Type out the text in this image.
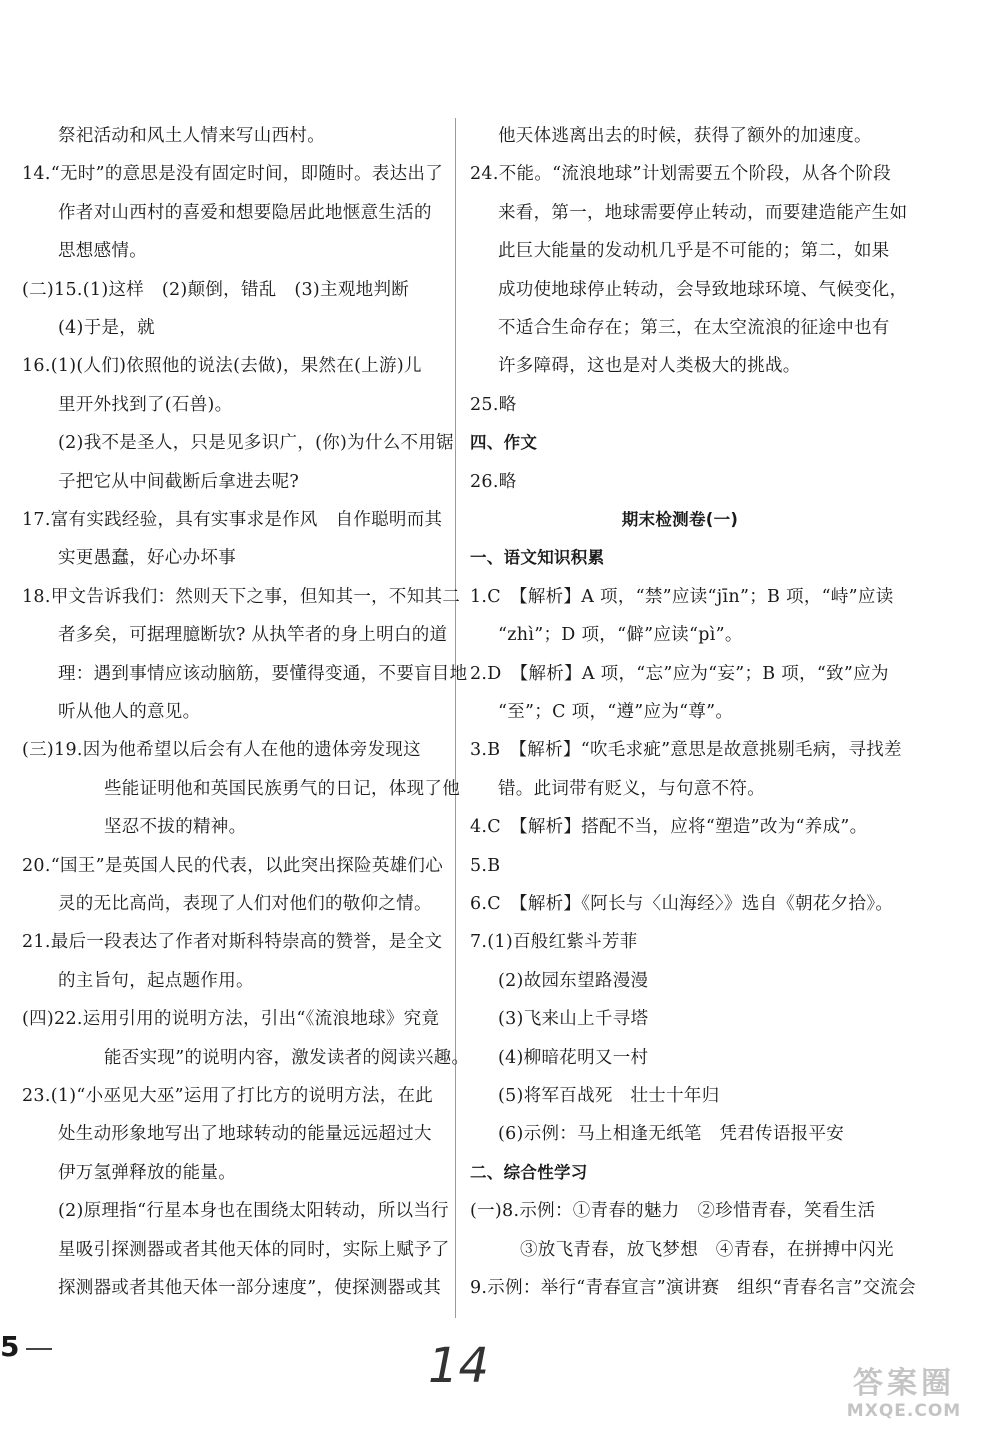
祭祀活动和风土人情来写山西村。
14.“无时”的意思是没有固定时间，即随时。表达出了
作者对山西村的喜爱和想要隐居此地惬意生活的
思想感情。
(二)15.(1)这样　(2)颠倒，错乱　(3)主观地判断
(4)于是，就
16.(1)(人们)依照他的说法(去做)，果然在(上游)儿
里开外找到了(石兽)。
(2)我不是圣人，只是见多识广，(你)为什么不用锯
子把它从中间截断后拿进去呢?
17.富有实践经验，具有实事求是作风　自作聪明而其
实更愚蠢，好心办坏事
18.甲文告诉我们：然则天下之事，但知其一，不知其二
者多矣，可据理臆断欤? 从执竿者的身上明白的道
理：遇到事情应该动脑筋，要懂得变通，不要盲目地
听从他人的意见。
(三)19.因为他希望以后会有人在他的遗体旁发现这
些能证明他和英国民族勇气的日记，体现了他
坚忍不拔的精神。
20.“国王”是英国人民的代表，以此突出探险英雄们心
灵的无比高尚，表现了人们对他们的敬仰之情。
21.最后一段表达了作者对斯科特崇高的赞誉，是全文
的主旨句，起点题作用。
(四)22.运用引用的说明方法，引出“《流浪地球》究竟
能否实现”的说明内容，激发读者的阅读兴趣。
23.(1)“小巫见大巫”运用了打比方的说明方法，在此
处生动形象地写出了地球转动的能量远远超过大
伊万氢弹释放的能量。
(2)原理指“行星本身也在围绕太阳转动，所以当行
星吸引探测器或者其他天体的同时，实际上赋予了
探测器或者其他天体一部分速度”，使探测器或其
他天体逃离出去的时候，获得了额外的加速度。
24.不能。“流浪地球”计划需要五个阶段，从各个阶段
来看，第一，地球需要停止转动，而要建造能产生如
此巨大能量的发动机几乎是不可能的；第二，如果
成功使地球停止转动，会导致地球环境、气候变化，
不适合生命存在；第三，在太空流浪的征途中也有
许多障碍，这也是对人类极大的挑战。
25.略
四、作文
26.略
期末检测卷(一)
一、语文知识积累
1.C　【解析】A 项，“禁”应读“jīn”；B 项，“峙”应读
“zhì”；D 项，“僻”应读“pì”。
2.D　【解析】A 项，“忘”应为“妄”；B 项，“致”应为
“至”；C 项，“遵”应为“尊”。
3.B　【解析】“吹毛求疵”意思是故意挑剔毛病，寻找差
错。此词带有贬义，与句意不符。
4.C　【解析】搭配不当，应将“塑造”改为“养成”。
5.B
6.C　【解析】《阿长与〈山海经〉》选自《朝花夕拾》。
7.(1)百般红紫斗芳菲
(2)故园东望路漫漫
(3)飞来山上千寻塔
(4)柳暗花明又一村
(5)将军百战死　壮士十年归
(6)示例：马上相逢无纸笔　凭君传语报平安
二、综合性学习
(一)8.示例：①青春的魅力　②珍惜青春，笑看生活
③放飞青春，放飞梦想　④青春，在拼搏中闪光
9.示例：举行“青春宣言”演讲赛　组织“青春名言”交流会
5	14	答案圈
MXQE.COM
